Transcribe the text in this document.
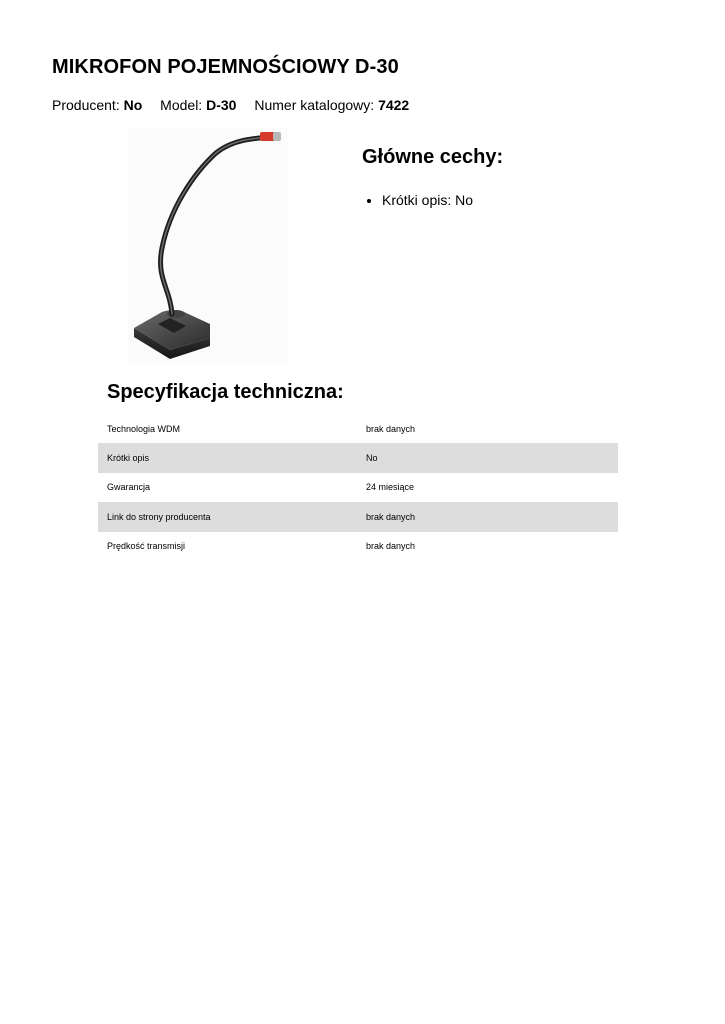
MIKROFON POJEMNOŚCIOWY D-30
Producent: No Model: D-30 Numer katalogowy: 7422
Główne cechy:
• Krótki opis: No
Specyfikacja techniczna:
Technologia WDM	brak danych
Krótki opis	No
Gwarancja	24 miesiące
Link do strony producenta	brak danych
Prędkość transmisji	brak danych
